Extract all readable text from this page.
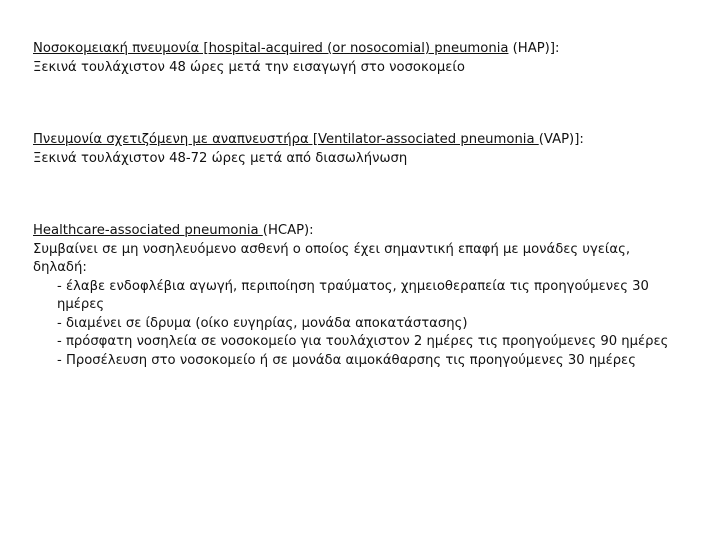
Νοσοκομειακή πνευμονία [hospital-acquired (or nosocomial) pneumonia (HAP)]:
Ξεκινά τουλάχιστον 48 ώρες μετά την εισαγωγή στο νοσοκομείο
Πνευμονία σχετιζόμενη με αναπνευστήρα [Ventilator-associated pneumonia (VAP)]:
Ξεκινά τουλάχιστον 48-72 ώρες μετά από διασωλήνωση
Healthcare-associated pneumonia (HCAP):
Συμβαίνει σε μη νοσηλευόμενο ασθενή ο οποίος έχει σημαντική επαφή με μονάδες υγείας, δηλαδή:
- έλαβε ενδοφλέβια αγωγή, περιποίηση τραύματος, χημειοθεραπεία τις προηγούμενες 30 ημέρες
- διαμένει σε ίδρυμα (οίκο ευγηρίας, μονάδα αποκατάστασης)
- πρόσφατη νοσηλεία σε νοσοκομείο για τουλάχιστον 2 ημέρες τις προηγούμενες 90 ημέρες
- Προσέλευση στο νοσοκομείο ή σε μονάδα αιμοκάθαρσης τις προηγούμενες 30 ημέρες
